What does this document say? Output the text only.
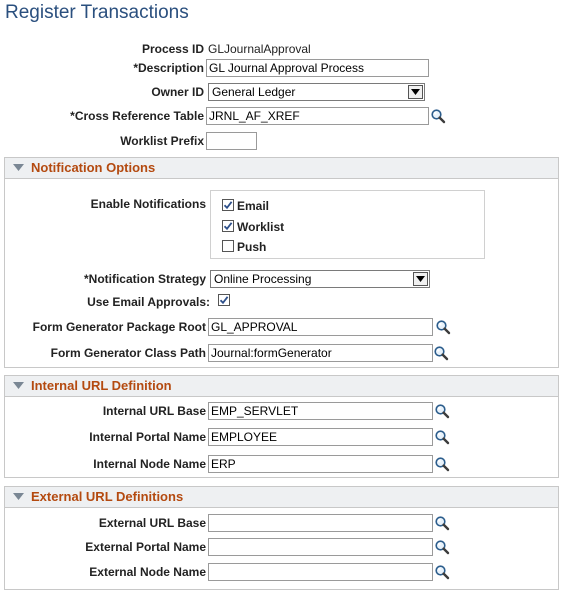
Register Transactions
Process ID GLJournalApproval
*Description GL Journal Approval Process
Owner ID General Ledger
*Cross Reference Table JRNL_AF_XREF
Worklist Prefix
Notification Options
Enable Notifications	Email
Worklist
Push
*Notification Strategy Online Processing
Use Email Approvals:
Form Generator Package Root GL_APPROVAL
Form Generator Class Path Journal:formGenerator
Internal URL Definition
Internal URL Base EMP_SERVLET
Internal Portal Name EMPLOYEE
Internal Node Name ERP
External URL Definitions
External URL Base
External Portal Name
External Node Name
